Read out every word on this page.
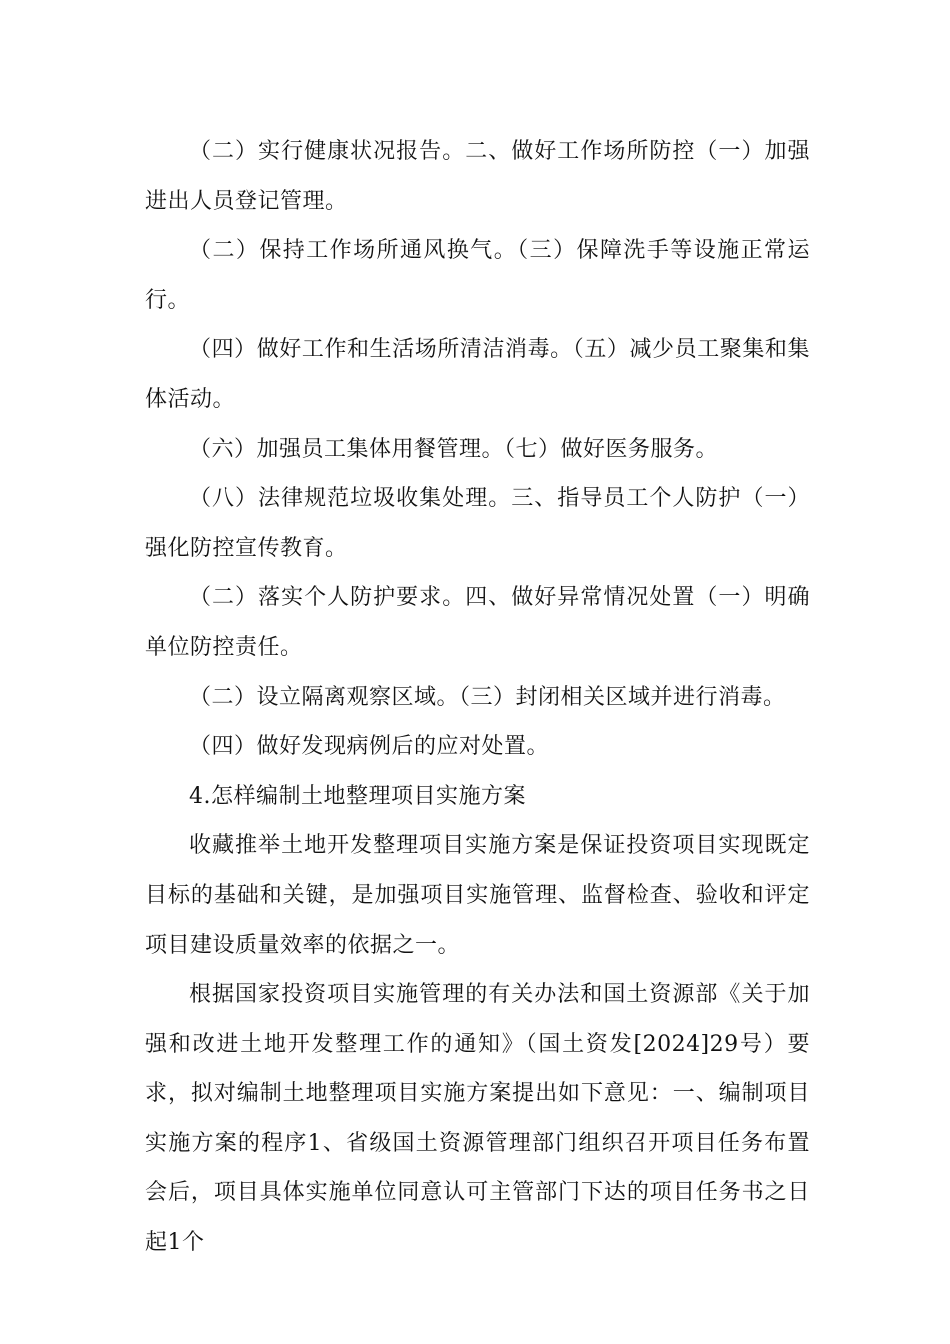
（二）实行健康状况报告。二、做好工作场所防控（一）加强进出人员登记管理。

（二）保持工作场所通风换气。（三）保障洗手等设施正常运行。

（四）做好工作和生活场所清洁消毒。（五）减少员工聚集和集体活动。

（六）加强员工集体用餐管理。（七）做好医务服务。

（八）法律规范垃圾收集处理。三、指导员工个人防护（一）强化防控宣传教育。

（二）落实个人防护要求。四、做好异常情况处置（一）明确单位防控责任。

（二）设立隔离观察区域。（三）封闭相关区域并进行消毒。

（四）做好发现病例后的应对处置。

4.怎样编制土地整理项目实施方案

收藏推举土地开发整理项目实施方案是保证投资项目实现既定目标的基础和关键，是加强项目实施管理、监督检查、验收和评定项目建设质量效率的依据之一。

根据国家投资项目实施管理的有关办法和国土资源部《关于加强和改进土地开发整理工作的通知》（国土资发[2024]29号）要求，拟对编制土地整理项目实施方案提出如下意见：一、编制项目实施方案的程序1、省级国土资源管理部门组织召开项目任务布置会后，项目具体实施单位同意认可主管部门下达的项目任务书之日起1个
